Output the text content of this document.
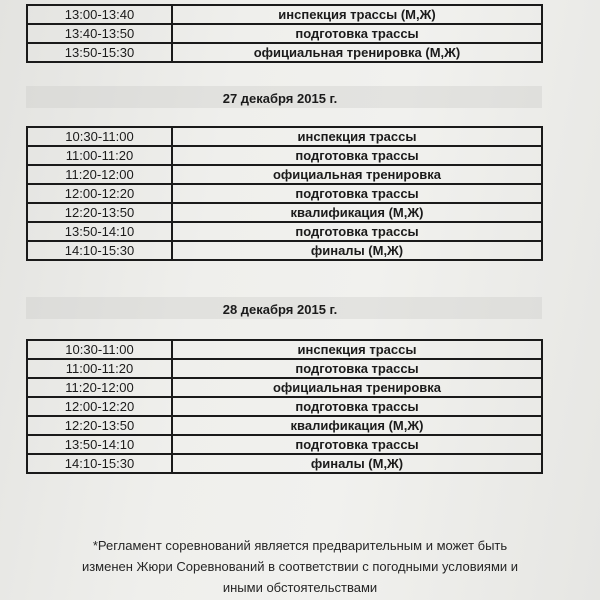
13:00-13:40	инспекция трассы (М,Ж)
13:40-13:50	подготовка трассы
13:50-15:30	официальная тренировка (М,Ж)
27 декабря 2015 г.
10:30-11:00	инспекция трассы
11:00-11:20	подготовка трассы
11:20-12:00	официальная тренировка
12:00-12:20	подготовка трассы
12:20-13:50	квалификация (М,Ж)
13:50-14:10	подготовка трассы
14:10-15:30	финалы (М,Ж)
28 декабря 2015 г.
10:30-11:00	инспекция трассы
11:00-11:20	подготовка трассы
11:20-12:00	официальная тренировка
12:00-12:20	подготовка трассы
12:20-13:50	квалификация (М,Ж)
13:50-14:10	подготовка трассы
14:10-15:30	финалы (М,Ж)
*Регламент соревнований является предварительным и может быть
изменен Жюри Соревнований в соответствии с погодными условиями и
иными обстоятельствами
